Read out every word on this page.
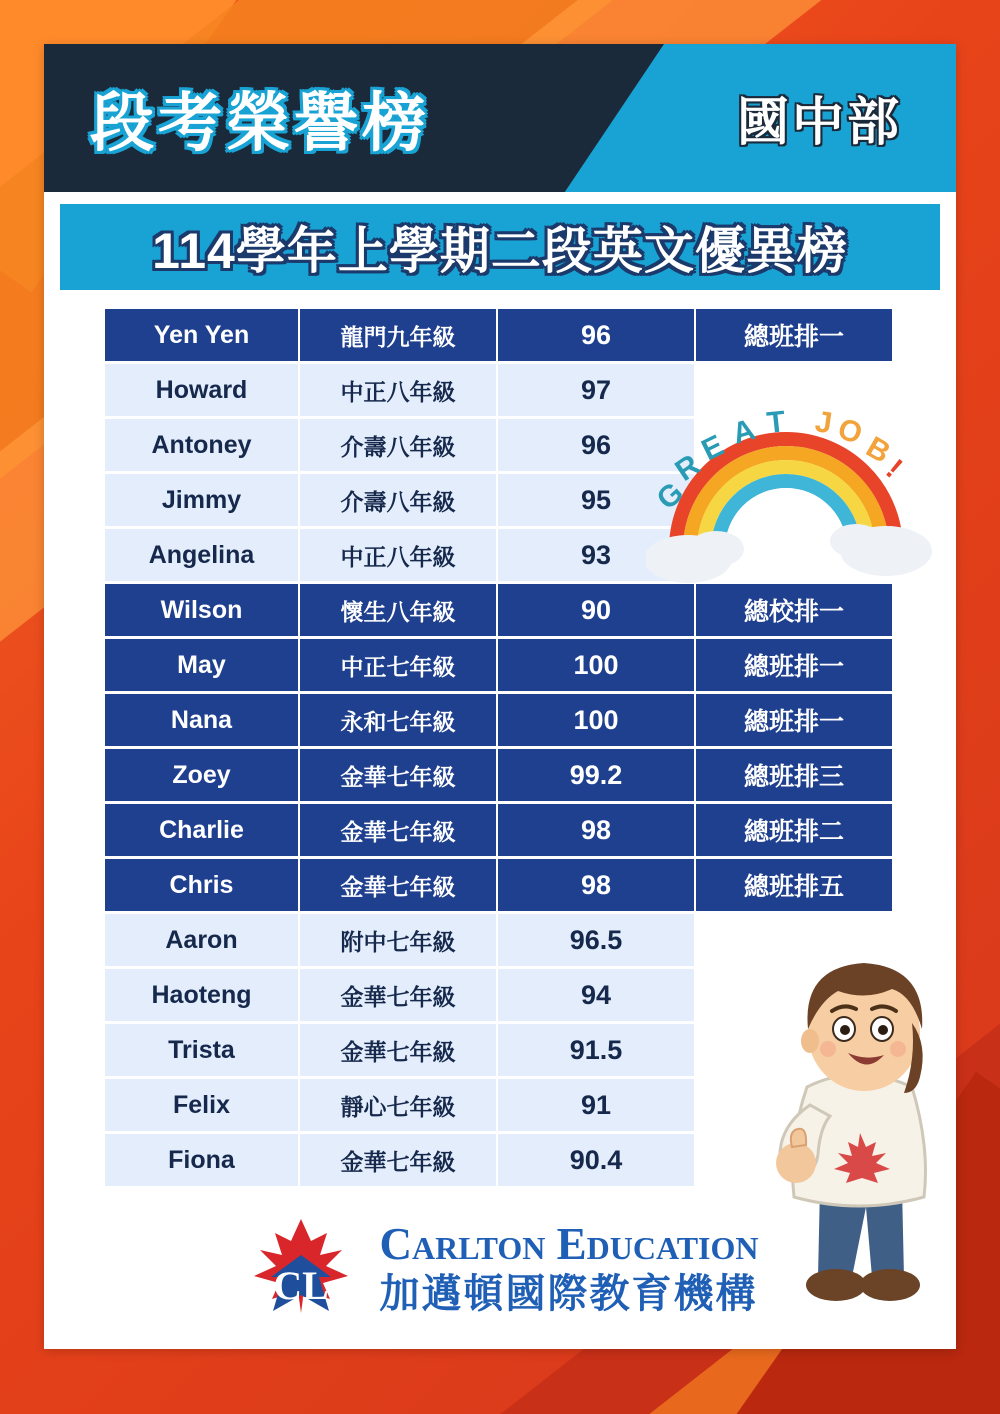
段考榮譽榜	國中部
114學年上學期二段英文優異榜
Yen Yen	龍門九年級	96	總班排一
Howard	中正八年級	97
Antoney	介壽八年級	96
Jimmy	介壽八年級	95
Angelina	中正八年級	93
Wilson	懷生八年級	90	總校排一
May	中正七年級	100	總班排一
Nana	永和七年級	100	總班排一
Zoey	金華七年級	99.2	總班排三
Charlie	金華七年級	98	總班排二
Chris	金華七年級	98	總班排五
Aaron	附中七年級	96.5
Haoteng	金華七年級	94
Trista	金華七年級	91.5
Felix	靜心七年級	91
Fiona	金華七年級	90.4
G
R
E A T J O
B
!
CL
Carlton Education
加邁頓國際教育機構
